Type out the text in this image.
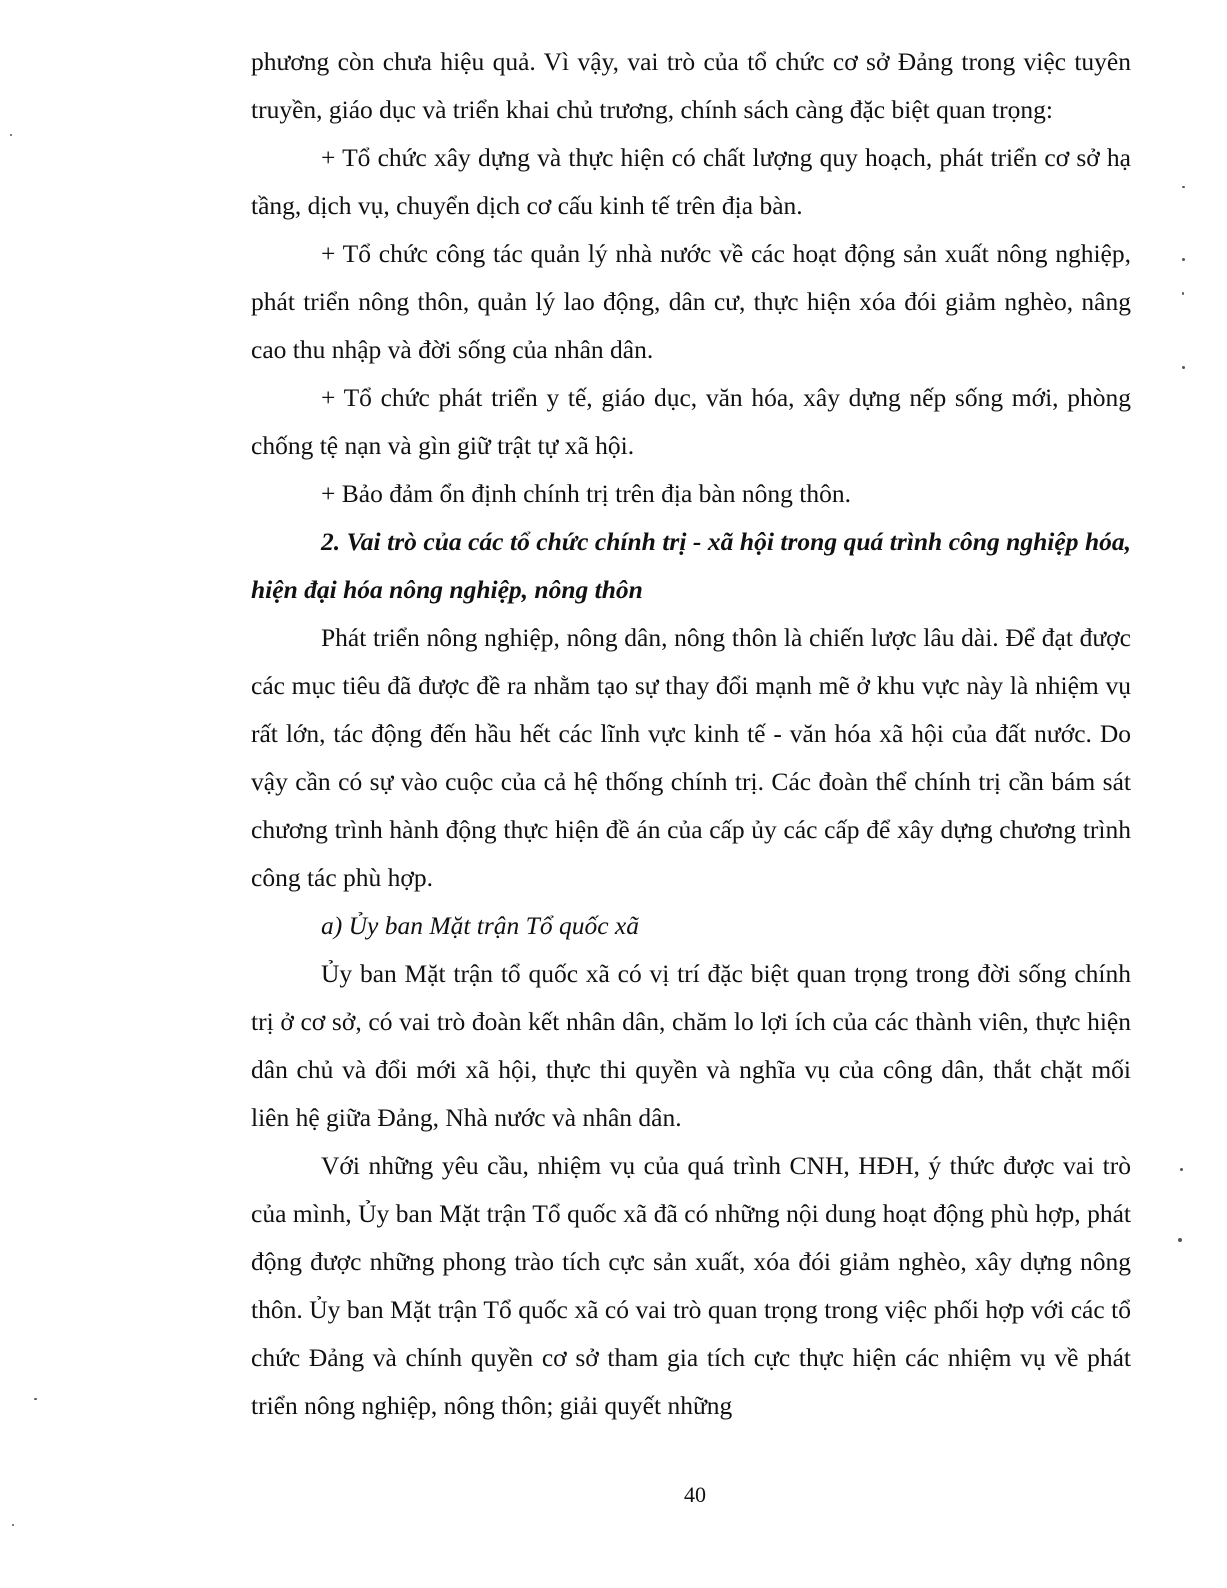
phương còn chưa hiệu quả. Vì vậy, vai trò của tổ chức cơ sở Đảng trong việc tuyên truyền, giáo dục và triển khai chủ trương, chính sách càng đặc biệt quan trọng:

+ Tổ chức xây dựng và thực hiện có chất lượng quy hoạch, phát triển cơ sở hạ tầng, dịch vụ, chuyển dịch cơ cấu kinh tế trên địa bàn.

+ Tổ chức công tác quản lý nhà nước về các hoạt động sản xuất nông nghiệp, phát triển nông thôn, quản lý lao động, dân cư, thực hiện xóa đói giảm nghèo, nâng cao thu nhập và đời sống của nhân dân.

+ Tổ chức phát triển y tế, giáo dục, văn hóa, xây dựng nếp sống mới, phòng chống tệ nạn và gìn giữ trật tự xã hội.

+ Bảo đảm ổn định chính trị trên địa bàn nông thôn.

2. Vai trò của các tổ chức chính trị - xã hội trong quá trình công nghiệp hóa, hiện đại hóa nông nghiệp, nông thôn

Phát triển nông nghiệp, nông dân, nông thôn là chiến lược lâu dài. Để đạt được các mục tiêu đã được đề ra nhằm tạo sự thay đổi mạnh mẽ ở khu vực này là nhiệm vụ rất lớn, tác động đến hầu hết các lĩnh vực kinh tế - văn hóa xã hội của đất nước. Do vậy cần có sự vào cuộc của cả hệ thống chính trị. Các đoàn thể chính trị cần bám sát chương trình hành động thực hiện đề án của cấp ủy các cấp để xây dựng chương trình công tác phù hợp.

a) Ủy ban Mặt trận Tổ quốc xã

Ủy ban Mặt trận tổ quốc xã có vị trí đặc biệt quan trọng trong đời sống chính trị ở cơ sở, có vai trò đoàn kết nhân dân, chăm lo lợi ích của các thành viên, thực hiện dân chủ và đổi mới xã hội, thực thi quyền và nghĩa vụ của công dân, thắt chặt mối liên hệ giữa Đảng, Nhà nước và nhân dân.

Với những yêu cầu, nhiệm vụ của quá trình CNH, HĐH, ý thức được vai trò của mình, Ủy ban Mặt trận Tổ quốc xã đã có những nội dung hoạt động phù hợp, phát động được những phong trào tích cực sản xuất, xóa đói giảm nghèo, xây dựng nông thôn. Ủy ban Mặt trận Tổ quốc xã có vai trò quan trọng trong việc phối hợp với các tổ chức Đảng và chính quyền cơ sở tham gia tích cực thực hiện các nhiệm vụ về phát triển nông nghiệp, nông thôn; giải quyết những

40
